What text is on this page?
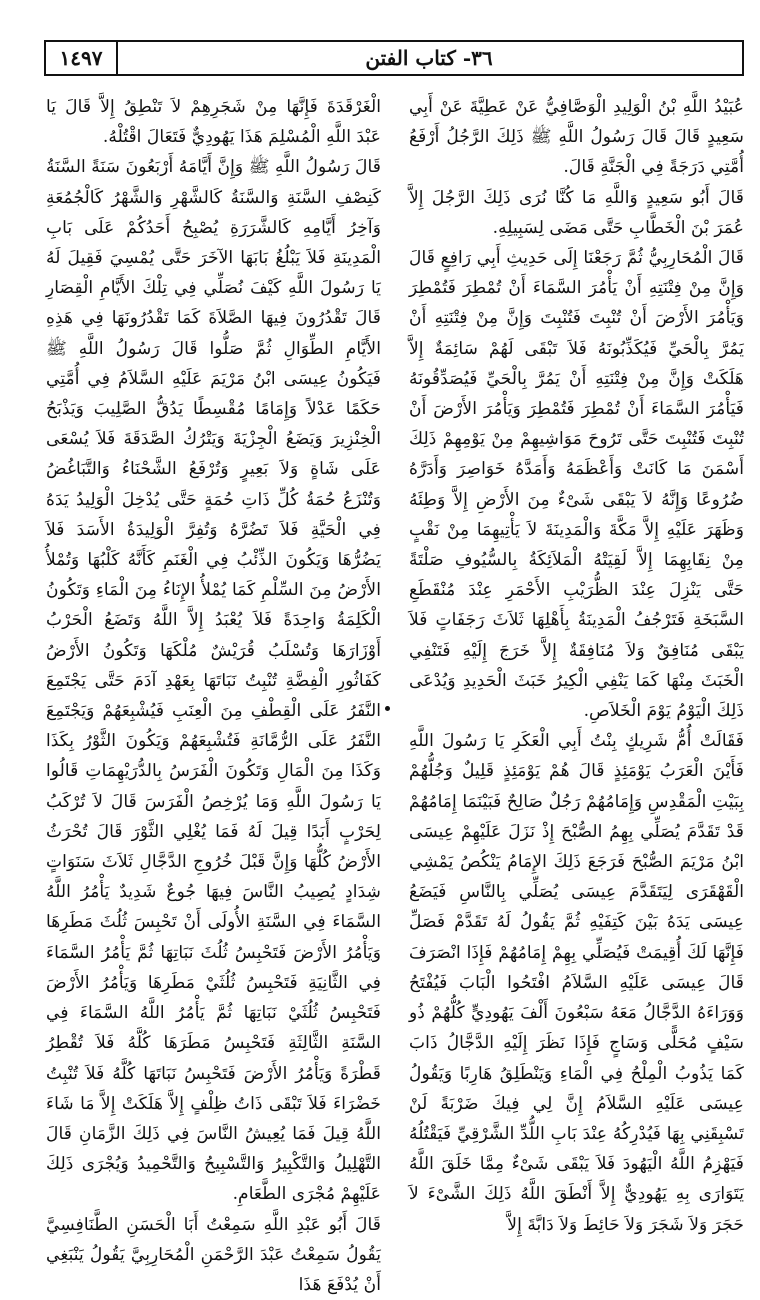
١٤٩٧	٣٦- كتاب الفتن

عُبَيْدُ اللَّهِ بْنُ الْوَلِيدِ الْوَصَّافِيُّ عَنْ عَطِيَّةَ عَنْ أَبِي سَعِيدٍ قَالَ قَالَ رَسُولُ اللَّهِ ﷺ ذَلِكَ الرَّجُلُ أَرْفَعُ أُمَّتِي دَرَجَةً فِي الْجَنَّةِ قَالَ.

قَالَ أَبُو سَعِيدٍ وَاللَّهِ مَا كُنَّا نُرَى ذَلِكَ الرَّجُلَ إِلاَّ عُمَرَ بْنَ الْخَطَّابِ حَتَّى مَضَى لِسَبِيلِهِ.

قَالَ الْمُحَارِبِيُّ ثُمَّ رَجَعْنَا إِلَى حَدِيثِ أَبِي رَافِعٍ قَالَ وَإِنَّ مِنْ فِتْنَتِهِ أَنْ يَأْمُرَ السَّمَاءَ أَنْ تُمْطِرَ فَتُمْطِرَ وَيَأْمُرَ الأَرْضَ أَنْ تُنْبِتَ فَتُنْبِتَ وَإِنَّ مِنْ فِتْنَتِهِ أَنْ يَمُرَّ بِالْحَيِّ فَيُكَذِّبُونَهُ فَلاَ تَبْقَى لَهُمْ سَائِمَةٌ إِلاَّ هَلَكَتْ وَإِنَّ مِنْ فِتْنَتِهِ أَنْ يَمُرَّ بِالْحَيِّ فَيُصَدِّقُونَهُ فَيَأْمُرَ السَّمَاءَ أَنْ تُمْطِرَ فَتُمْطِرَ وَيَأْمُرَ الأَرْضَ أَنْ تُنْبِتَ فَتُنْبِتَ حَتَّى تَرُوحَ مَوَاشِيهِمْ مِنْ يَوْمِهِمْ ذَلِكَ أَسْمَنَ مَا كَانَتْ وَأَعْظَمَهُ وَأَمَدَّهُ خَوَاصِرَ وَأَدَرَّهُ ضُرُوعًا وَإِنَّهُ لاَ يَبْقَى شَىْءٌ مِنَ الأَرْضِ إِلاَّ وَطِئَهُ وَظَهَرَ عَلَيْهِ إِلاَّ مَكَّةَ وَالْمَدِينَةَ لاَ يَأْتِيهِمَا مِنْ نَقْبٍ مِنْ نِقَابِهِمَا إِلاَّ لَقِيَتْهُ الْمَلاَئِكَةُ بِالسُّيُوفِ صَلْتَةً حَتَّى يَنْزِلَ عِنْدَ الظُّرَيْبِ الأَحْمَرِ عِنْدَ مُنْقَطَعِ السَّبَخَةِ فَتَرْجُفُ الْمَدِينَةُ بِأَهْلِهَا ثَلاَثَ رَجَفَاتٍ فَلاَ يَبْقَى مُنَافِقٌ وَلاَ مُنَافِقَةٌ إِلاَّ خَرَجَ إِلَيْهِ فَتَنْفِي الْخَبَثَ مِنْهَا كَمَا يَنْفِي الْكِيرُ خَبَثَ الْحَدِيدِ وَيُدْعَى ذَلِكَ الْيَوْمُ يَوْمَ الْخَلاَصِ.

فَقَالَتْ أُمُّ شَرِيكٍ بِنْتُ أَبِي الْعَكَرِ يَا رَسُولَ اللَّهِ فَأَيْنَ الْعَرَبُ يَوْمَئِذٍ قَالَ هُمْ يَوْمَئِذٍ قَلِيلٌ وَجُلُّهُمْ بِبَيْتِ الْمَقْدِسِ وَإِمَامُهُمْ رَجُلٌ صَالِحٌ فَبَيْنَمَا إِمَامُهُمْ قَدْ تَقَدَّمَ يُصَلِّي بِهِمُ الصُّبْحَ إِذْ نَزَلَ عَلَيْهِمْ عِيسَى ابْنُ مَرْيَمَ الصُّبْحَ فَرَجَعَ ذَلِكَ الإِمَامُ يَنْكُصُ يَمْشِي الْقَهْقَرَى لِيَتَقَدَّمَ عِيسَى يُصَلِّي بِالنَّاسِ فَيَضَعُ عِيسَى يَدَهُ بَيْنَ كَتِفَيْهِ ثُمَّ يَقُولُ لَهُ تَقَدَّمْ فَصَلِّ فَإِنَّهَا لَكَ أُقِيمَتْ فَيُصَلِّي بِهِمْ إِمَامُهُمْ فَإِذَا انْصَرَفَ قَالَ عِيسَى عَلَيْهِ السَّلاَمُ افْتَحُوا الْبَابَ فَيُفْتَحُ وَوَرَاءَهُ الدَّجَّالُ مَعَهُ سَبْعُونَ أَلْفَ يَهُودِيٍّ كُلُّهُمْ ذُو سَيْفٍ مُحَلًّى وَسَاجٍ فَإِذَا نَظَرَ إِلَيْهِ الدَّجَّالُ ذَابَ كَمَا يَذُوبُ الْمِلْحُ فِي الْمَاءِ وَيَنْطَلِقُ هَارِبًا وَيَقُولُ عِيسَى عَلَيْهِ السَّلاَمُ إِنَّ لِي فِيكَ ضَرْبَةً لَنْ تَسْبِقَنِي بِهَا فَيُدْرِكُهُ عِنْدَ بَابِ اللُّدِّ الشَّرْقِيِّ فَيَقْتُلُهُ فَيَهْزِمُ اللَّهُ الْيَهُودَ فَلاَ يَبْقَى شَىْءٌ مِمَّا خَلَقَ اللَّهُ يَتَوَارَى بِهِ يَهُودِيٌّ إِلاَّ أَنْطَقَ اللَّهُ ذَلِكَ الشَّىْءَ لاَ حَجَرَ وَلاَ شَجَرَ وَلاَ حَائِطَ وَلاَ دَابَّةَ إِلاَّ

الْغَرْقَدَةَ فَإِنَّهَا مِنْ شَجَرِهِمْ لاَ تَنْطِقُ إِلاَّ قَالَ يَا عَبْدَ اللَّهِ الْمُسْلِمَ هَذَا يَهُودِيٌّ فَتَعَالَ اقْتُلْهُ.

قَالَ رَسُولُ اللَّهِ ﷺ وَإِنَّ أَيَّامَهُ أَرْبَعُونَ سَنَةً السَّنَةُ كَنِصْفِ السَّنَةِ وَالسَّنَةُ كَالشَّهْرِ وَالشَّهْرُ كَالْجُمُعَةِ وَآخِرُ أَيَّامِهِ كَالشَّرَرَةِ يُصْبِحُ أَحَدُكُمْ عَلَى بَابِ الْمَدِينَةِ فَلاَ يَبْلُغُ بَابَهَا الآخَرَ حَتَّى يُمْسِيَ فَقِيلَ لَهُ يَا رَسُولَ اللَّهِ كَيْفَ نُصَلِّي فِي تِلْكَ الأَيَّامِ الْقِصَارِ قَالَ تَقْدُرُونَ فِيهَا الصَّلاَةَ كَمَا تَقْدُرُونَهَا فِي هَذِهِ الأَيَّامِ الطِّوَالِ ثُمَّ صَلُّوا قَالَ رَسُولُ اللَّهِ ﷺ فَيَكُونُ عِيسَى ابْنُ مَرْيَمَ عَلَيْهِ السَّلاَمُ فِي أُمَّتِي حَكَمًا عَدْلاً وَإِمَامًا مُقْسِطًا يَدُقُّ الصَّلِيبَ وَيَذْبَحُ الْخِنْزِيرَ وَيَضَعُ الْجِزْيَةَ وَيَتْرُكُ الصَّدَقَةَ فَلاَ يُسْعَى عَلَى شَاةٍ وَلاَ بَعِيرٍ وَتُرْفَعُ الشَّحْنَاءُ وَالتَّبَاغُضُ وَتُنْزَعُ حُمَةُ كُلِّ ذَاتِ حُمَةٍ حَتَّى يُدْخِلَ الْوَلِيدُ يَدَهُ فِي الْحَيَّةِ فَلاَ تَضُرَّهُ وَتُفِرَّ الْوَلِيدَةُ الأَسَدَ فَلاَ يَضُرُّهَا وَيَكُونَ الذِّئْبُ فِي الْغَنَمِ كَأَنَّهُ كَلْبُهَا وَتُمْلأُ الأَرْضُ مِنَ السِّلْمِ كَمَا يُمْلأُ الإِنَاءُ مِنَ الْمَاءِ وَتَكُونُ الْكَلِمَةُ وَاحِدَةً فَلاَ يُعْبَدُ إِلاَّ اللَّهُ وَتَضَعُ الْحَرْبُ أَوْزَارَهَا وَتُسْلَبُ قُرَيْشٌ مُلْكَهَا وَتَكُونُ الأَرْضُ كَفَاثُورِ الْفِضَّةِ تُنْبِتُ نَبَاتَهَا بِعَهْدِ آدَمَ حَتَّى يَجْتَمِعَ النَّفَرُ عَلَى الْقِطْفِ مِنَ الْعِنَبِ فَيُشْبِعَهُمْ وَيَجْتَمِعَ النَّفَرُ عَلَى الرُّمَّانَةِ فَتُشْبِعَهُمْ وَيَكُونَ الثَّوْرُ بِكَذَا وَكَذَا مِنَ الْمَالِ وَتَكُونَ الْفَرَسُ بِالدُّرَيْهِمَاتِ قَالُوا يَا رَسُولَ اللَّهِ وَمَا يُرْخِصُ الْفَرَسَ قَالَ لاَ تُرْكَبُ لِحَرْبٍ أَبَدًا قِيلَ لَهُ فَمَا يُغْلِي الثَّوْرَ قَالَ تُحْرَثُ الأَرْضُ كُلُّهَا وَإِنَّ قَبْلَ خُرُوجِ الدَّجَّالِ ثَلاَثَ سَنَوَاتٍ شِدَادٍ يُصِيبُ النَّاسَ فِيهَا جُوعٌ شَدِيدٌ يَأْمُرُ اللَّهُ السَّمَاءَ فِي السَّنَةِ الأُولَى أَنْ تَحْبِسَ ثُلُثَ مَطَرِهَا وَيَأْمُرُ الأَرْضَ فَتَحْبِسُ ثُلُثَ نَبَاتِهَا ثُمَّ يَأْمُرُ السَّمَاءَ فِي الثَّانِيَةِ فَتَحْبِسُ ثُلُثَيْ مَطَرِهَا وَيَأْمُرُ الأَرْضَ فَتَحْبِسُ ثُلُثَيْ نَبَاتِهَا ثُمَّ يَأْمُرُ اللَّهُ السَّمَاءَ فِي السَّنَةِ الثَّالِثَةِ فَتَحْبِسُ مَطَرَهَا كُلَّهُ فَلاَ تُقْطِرُ قَطْرَةً وَيَأْمُرُ الأَرْضَ فَتَحْبِسُ نَبَاتَهَا كُلَّهُ فَلاَ تُنْبِتُ خَضْرَاءَ فَلاَ تَبْقَى ذَاتُ ظِلْفٍ إِلاَّ هَلَكَتْ إِلاَّ مَا شَاءَ اللَّهُ قِيلَ فَمَا يُعِيشُ النَّاسَ فِي ذَلِكَ الزَّمَانِ قَالَ التَّهْلِيلُ وَالتَّكْبِيرُ وَالتَّسْبِيحُ وَالتَّحْمِيدُ وَيُجْرَى ذَلِكَ عَلَيْهِمْ مُجْرَى الطَّعَامِ.

قَالَ أَبُو عَبْدِ اللَّهِ سَمِعْتُ أَبَا الْحَسَنِ الطَّنَافِسِيَّ يَقُولُ سَمِعْتُ عَبْدَ الرَّحْمَنِ الْمُحَارِبِيَّ يَقُولُ يَنْبَغِي أَنْ يُدْفَعَ هَذَا
